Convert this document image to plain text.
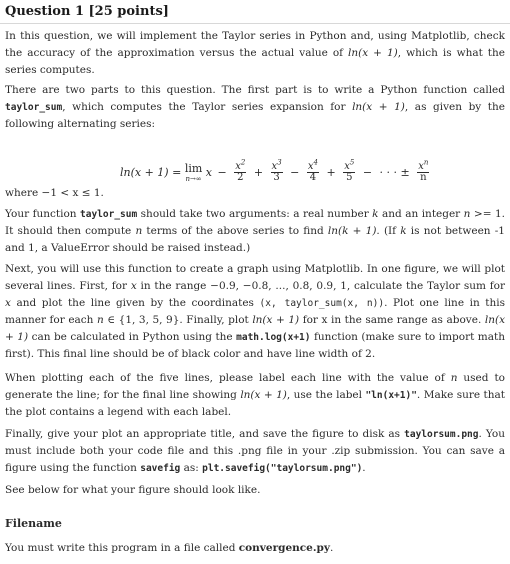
Question 1 [25 points]

In this question, we will implement the Taylor series in Python and, using Matplotlib, check the accuracy of the approximation versus the actual value of ln(x + 1), which is what the series computes.

There are two parts to this question. The first part is to write a Python function called taylor_sum, which computes the Taylor series expansion for ln(x + 1), as given by the following alternating series:

ln(x + 1) = lim
n→∞ $x - \frac{x^2}{2} + \frac{x^3}{3} - \frac{x^4}{4} + \frac{x^5}{5}$ − · · · ± $\frac{x^n}{n}$

where −1 < x ≤ 1.

Your function taylor_sum should take two arguments: a real number k and an integer n >= 1. It should then compute n terms of the above series to find ln(k + 1). (If k is not between -1 and 1, a ValueError should be raised instead.)

Next, you will use this function to create a graph using Matplotlib. In one figure, we will plot several lines. First, for x in the range −0.9, −0.8, ..., 0.8, 0.9, 1, calculate the Taylor sum for x and plot the line given by the coordinates (x, taylor_sum(x, n)). Plot one line in this manner for each n ∈ {1, 3, 5, 9}. Finally, plot ln(x + 1) for x in the same range as above. ln(x + 1) can be calculated in Python using the math.log(x+1) function (make sure to import math first). This final line should be of black color and have line width of 2.

When plotting each of the five lines, please label each line with the value of n used to generate the line; for the final line showing ln(x + 1), use the label "ln(x+1)". Make sure that the plot contains a legend with each label.

Finally, give your plot an appropriate title, and save the figure to disk as taylorsum.png. You must include both your code file and this .png file in your .zip submission. You can save a figure using the function savefig as: plt.savefig("taylorsum.png").

See below for what your figure should look like.

Filename

You must write this program in a file called convergence.py.
